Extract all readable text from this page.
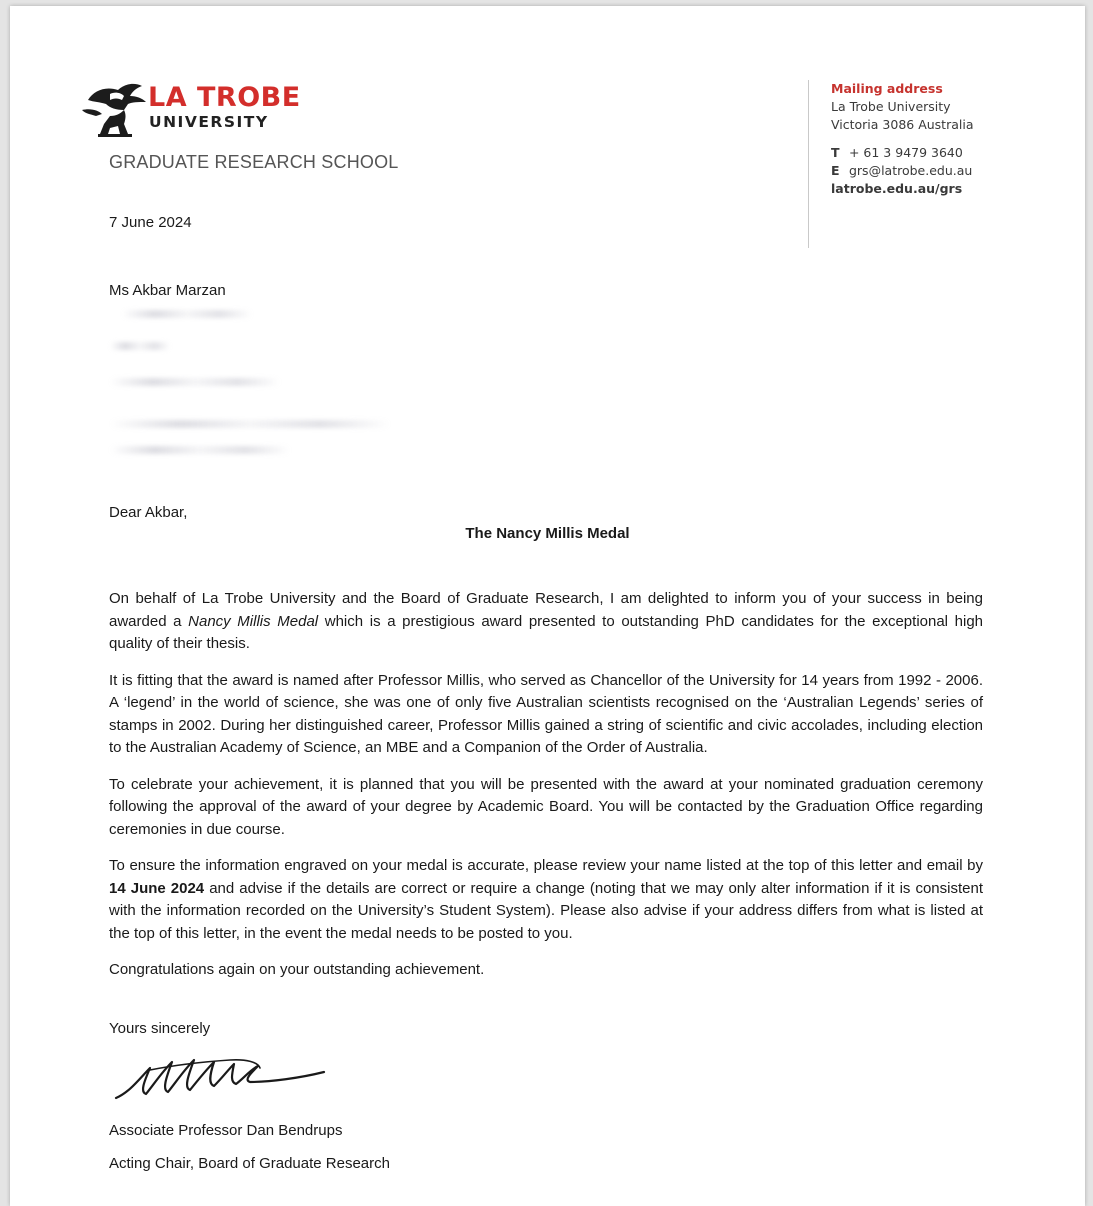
LA TROBE
UNIVERSITY
GRADUATE RESEARCH SCHOOL
Mailing address
La Trobe University
Victoria 3086 Australia
T + 61 3 9479 3640
E grs@latrobe.edu.au
latrobe.edu.au/grs
7 June 2024
Ms Akbar Marzan
Dear Akbar,
The Nancy Millis Medal

On behalf of La Trobe University and the Board of Graduate Research, I am delighted to inform you of your success in being awarded a Nancy Millis Medal which is a prestigious award presented to outstanding PhD candidates for the exceptional high quality of their thesis.

It is fitting that the award is named after Professor Millis, who served as Chancellor of the University for 14 years from 1992 - 2006. A ‘legend’ in the world of science, she was one of only five Australian scientists recognised on the ‘Australian Legends’ series of stamps in 2002. During her distinguished career, Professor Millis gained a string of scientific and civic accolades, including election to the Australian Academy of Science, an MBE and a Companion of the Order of Australia.

To celebrate your achievement, it is planned that you will be presented with the award at your nominated graduation ceremony following the approval of the award of your degree by Academic Board. You will be contacted by the Graduation Office regarding ceremonies in due course.

To ensure the information engraved on your medal is accurate, please review your name listed at the top of this letter and email by 14 June 2024 and advise if the details are correct or require a change (noting that we may only alter information if it is consistent with the information recorded on the University’s Student System). Please also advise if your address differs from what is listed at the top of this letter, in the event the medal needs to be posted to you.

Congratulations again on your outstanding achievement.

Yours sincerely
Associate Professor Dan Bendrups
Acting Chair, Board of Graduate Research
